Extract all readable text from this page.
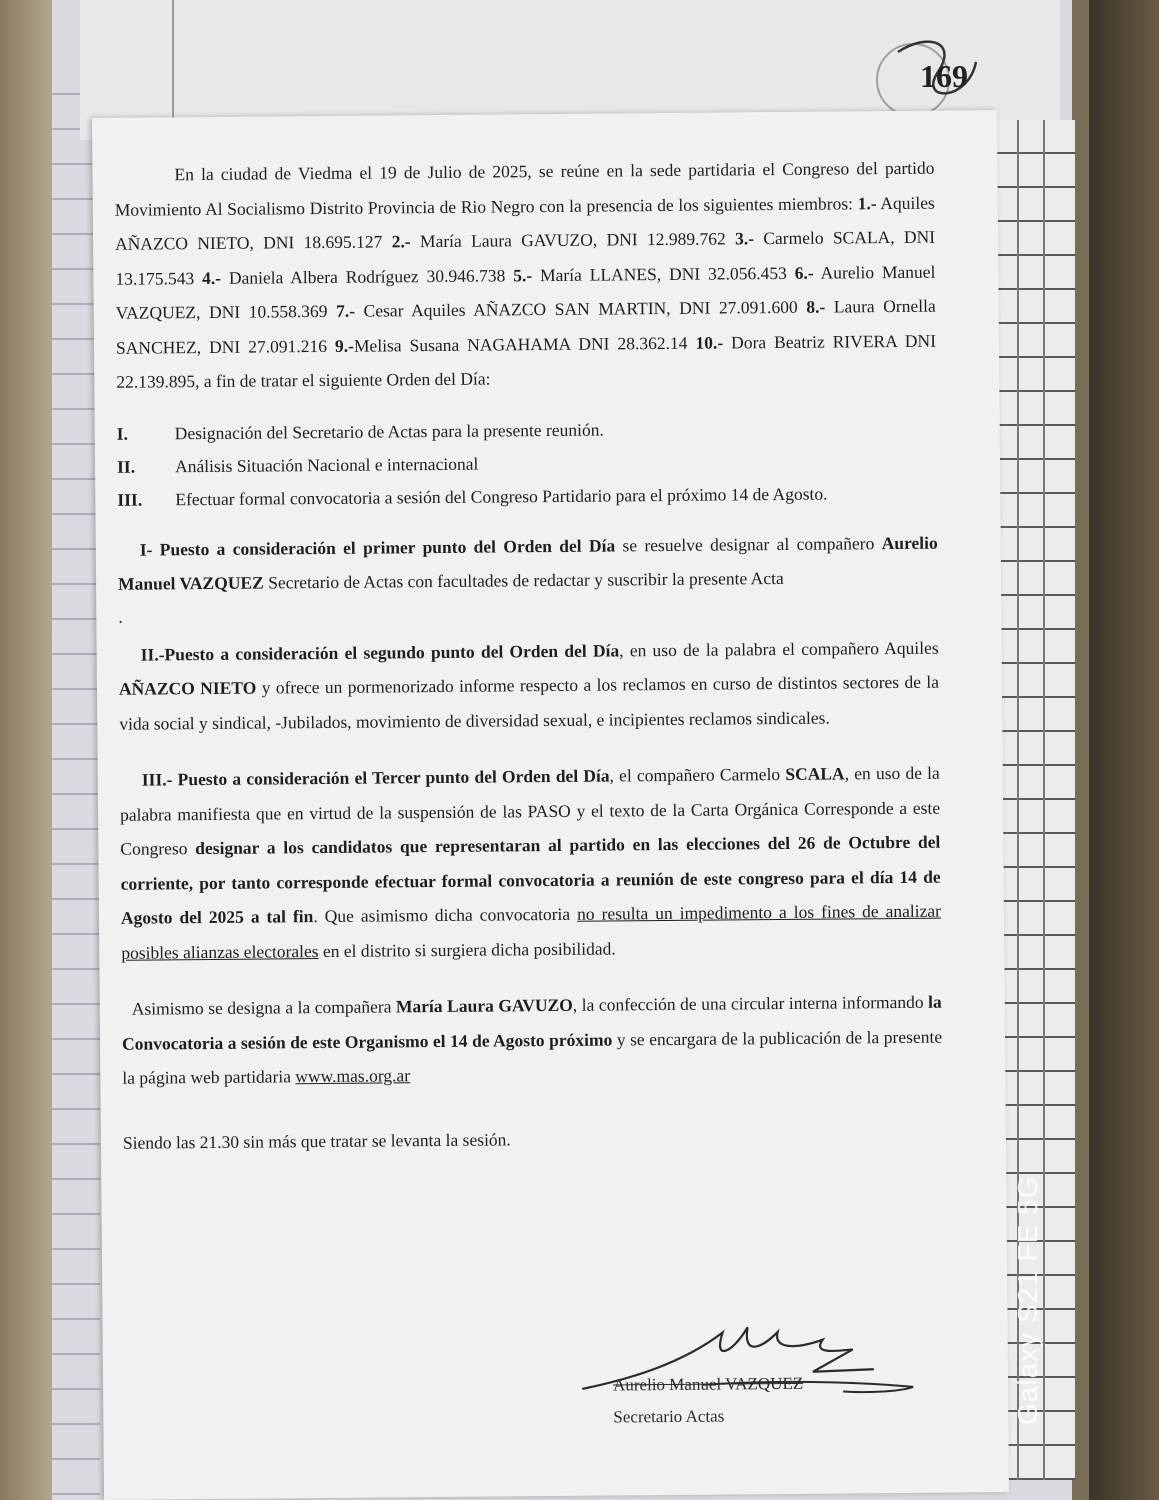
169

En la ciudad de Viedma el 19 de Julio de 2025, se reúne en la sede partidaria el Congreso del partido Movimiento Al Socialismo Distrito Provincia de Rio Negro con la presencia de los siguientes miembros: 1.- Aquiles AÑAZCO NIETO, DNI 18.695.127 2.- María Laura GAVUZO, DNI 12.989.762 3.- Carmelo SCALA, DNI 13.175.543 4.- Daniela Albera Rodríguez 30.946.738 5.- María LLANES, DNI 32.056.453 6.- Aurelio Manuel VAZQUEZ, DNI 10.558.369 7.- Cesar Aquiles AÑAZCO SAN MARTIN, DNI 27.091.600 8.- Laura Ornella SANCHEZ, DNI 27.091.216 9.-Melisa Susana NAGAHAMA DNI 28.362.14 10.- Dora Beatriz RIVERA DNI 22.139.895, a fin de tratar el siguiente Orden del Día:

I.	Designación del Secretario de Actas para la presente reunión.
II.	Análisis Situación Nacional e internacional
III.	Efectuar formal convocatoria a sesión del Congreso Partidario para el próximo 14 de Agosto.

I- Puesto a consideración el primer punto del Orden del Día se resuelve designar al compañero Aurelio Manuel VAZQUEZ Secretario de Actas con facultades de redactar y suscribir la presente Acta

.

II.-Puesto a consideración el segundo punto del Orden del Día, en uso de la palabra el compañero Aquiles AÑAZCO NIETO y ofrece un pormenorizado informe respecto a los reclamos en curso de distintos sectores de la vida social y sindical, -Jubilados, movimiento de diversidad sexual, e incipientes reclamos sindicales.

III.- Puesto a consideración el Tercer punto del Orden del Día, el compañero Carmelo SCALA, en uso de la palabra manifiesta que en virtud de la suspensión de las PASO y el texto de la Carta Orgánica Corresponde a este Congreso designar a los candidatos que representaran al partido en las elecciones del 26 de Octubre del corriente, por tanto corresponde efectuar formal convocatoria a reunión de este congreso para el día 14 de Agosto del 2025 a tal fin. Que asimismo dicha convocatoria no resulta un impedimento a los fines de analizar posibles alianzas electorales en el distrito si surgiera dicha posibilidad.

Asimismo se designa a la compañera María Laura GAVUZO, la confección de una circular interna informando la Convocatoria a sesión de este Organismo el 14 de Agosto próximo y se encargara de la publicación de la presente la página web partidaria www.mas.org.ar

Siendo las 21.30 sin más que tratar se levanta la sesión.

Aurelio Manuel VAZQUEZ
Secretario Actas	Galaxy S21 FE 5G
